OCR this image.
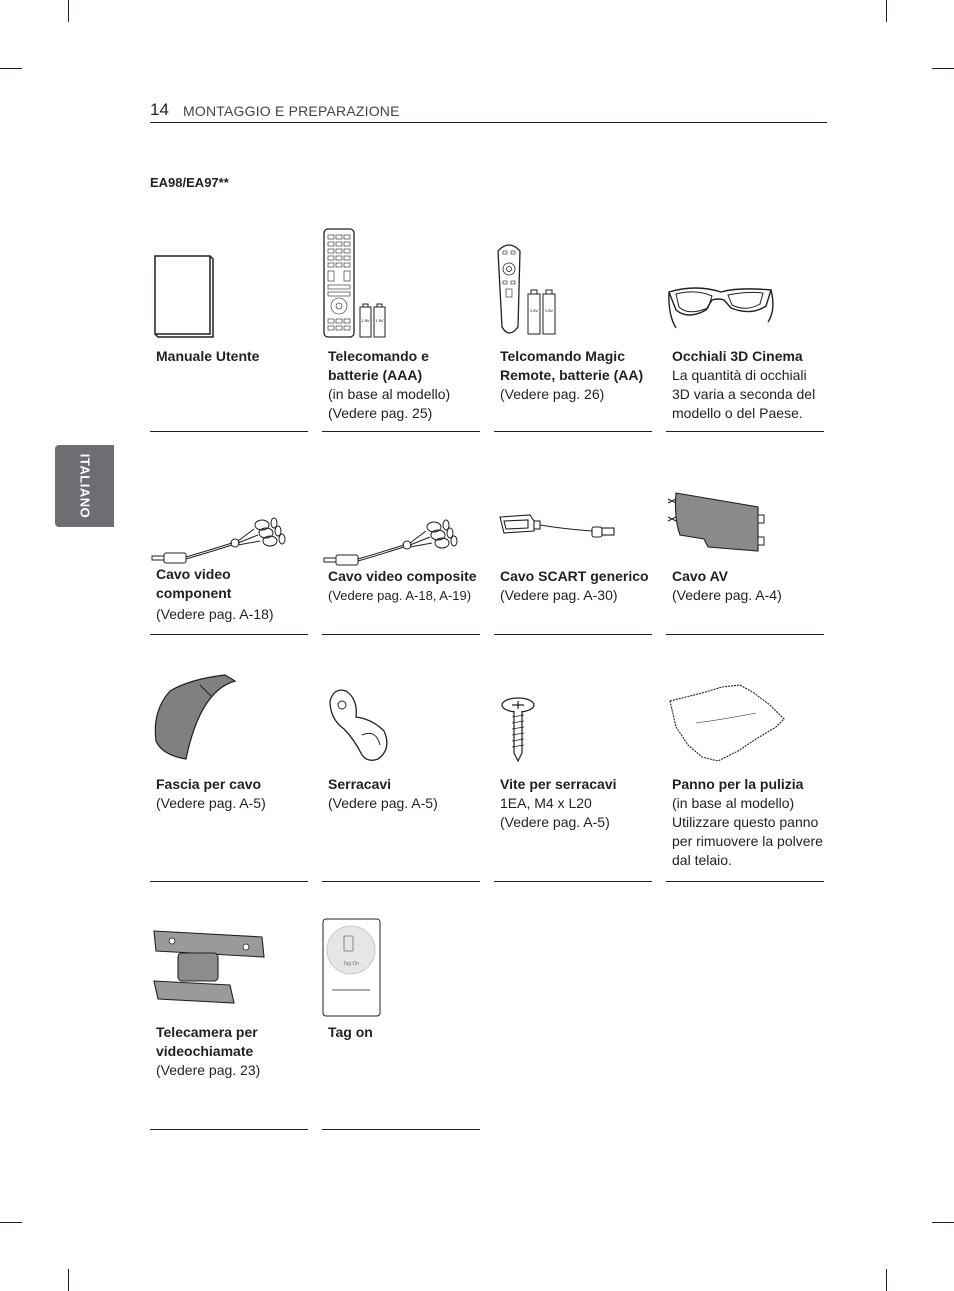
14 MONTAGGIO E PREPARAZIONE
EA98/EA97**
ITALIANO
Manuale Utente
1.5V 1.5V
Telecomando e batterie (AAA)
(in base al modello)
(Vedere pag. 25)
1.5V 1.5V
Telcomando Magic Remote, batterie (AA)
(Vedere pag. 26)
Occhiali 3D Cinema
La quantità di occhiali 3D varia a seconda del modello o del Paese.
Cavo video component
(Vedere pag. A-18)
Cavo video composite
(Vedere pag. A-18, A-19)
Cavo SCART generico
(Vedere pag. A-30)
Cavo AV
(Vedere pag. A-4)
Fascia per cavo
(Vedere pag. A-5)
Serracavi
(Vedere pag. A-5)
Vite per serracavi
1EA, M4 x L20
(Vedere pag. A-5)
Panno per la pulizia
(in base al modello)
Utilizzare questo panno per rimuovere la polvere dal telaio.
Telecamera per videochiamate
(Vedere pag. 23)
Tag On
Tag on
